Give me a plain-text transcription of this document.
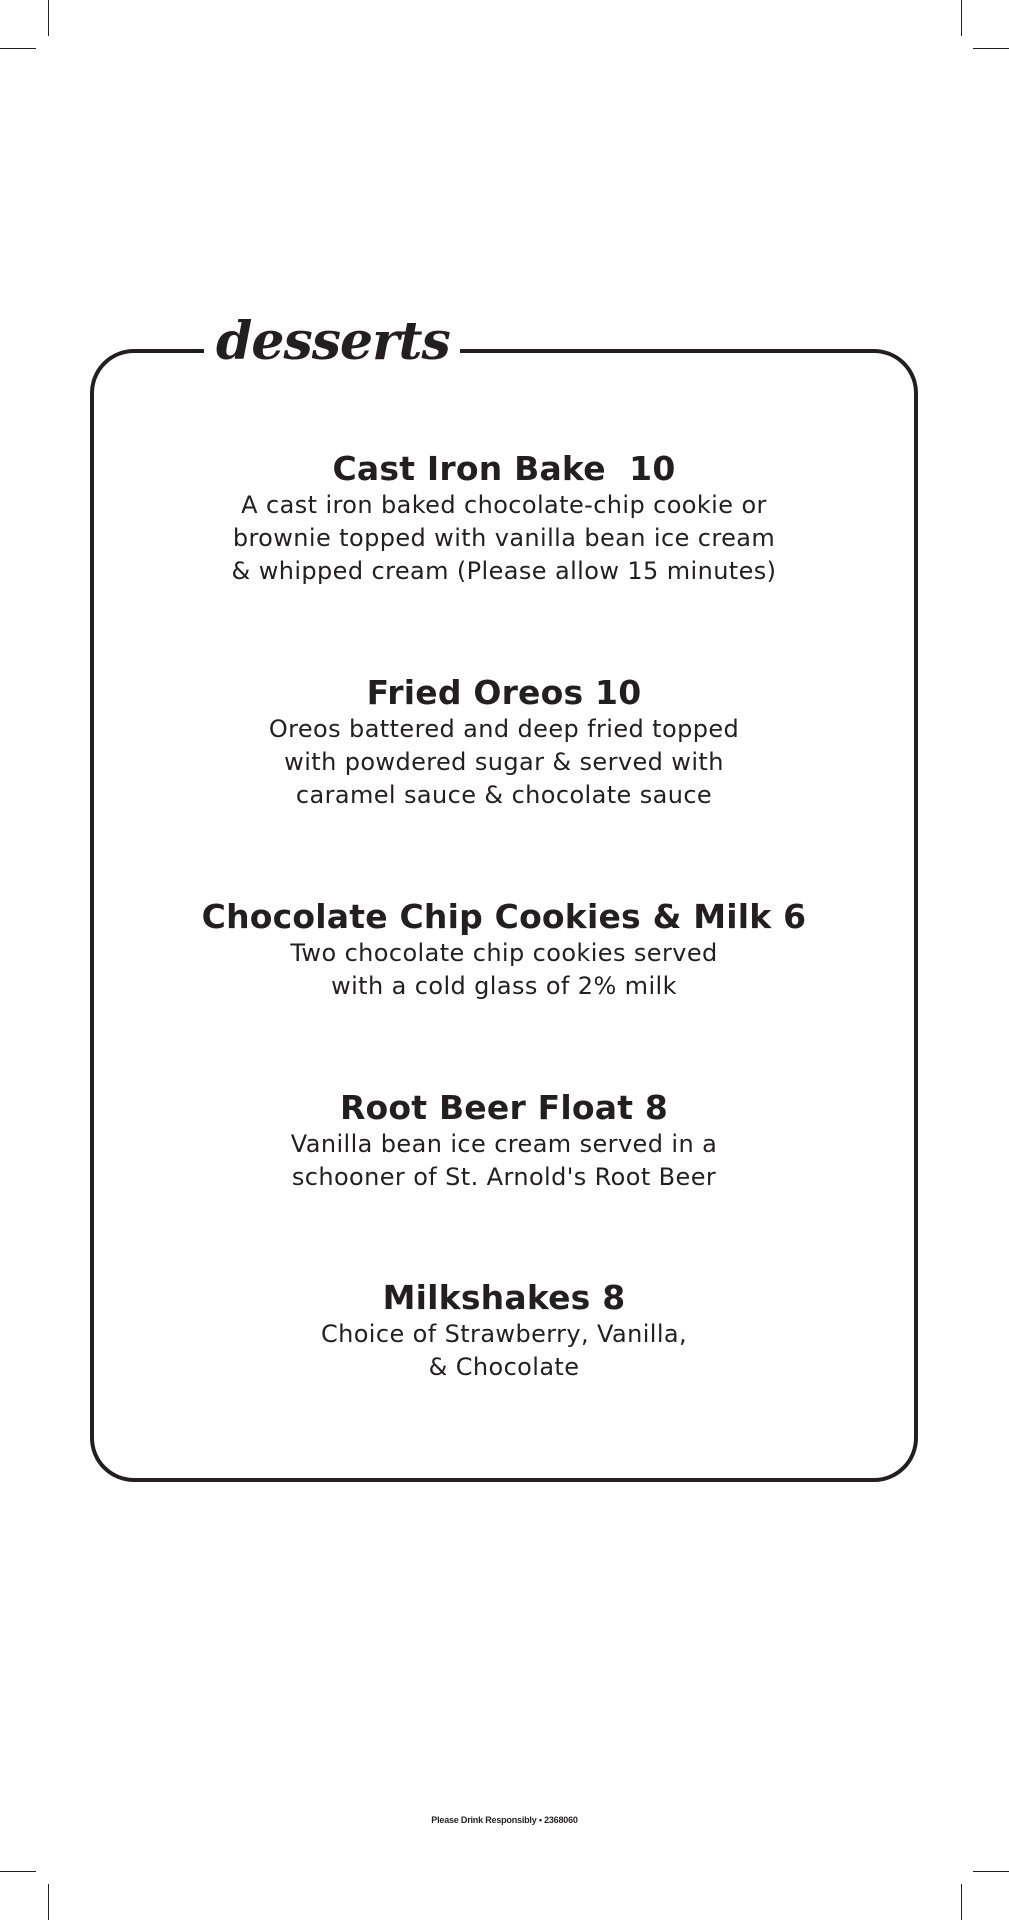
desserts
Cast Iron Bake  10
A cast iron baked chocolate-chip cookie or
brownie topped with vanilla bean ice cream
& whipped cream (Please allow 15 minutes)
Fried Oreos 10
Oreos battered and deep fried topped
with powdered sugar & served with
caramel sauce & chocolate sauce
Chocolate Chip Cookies & Milk 6
Two chocolate chip cookies served
with a cold glass of 2% milk
Root Beer Float 8
Vanilla bean ice cream served in a
schooner of St. Arnold's Root Beer
Milkshakes 8
Choice of Strawberry, Vanilla,
& Chocolate
Please Drink Responsibly • 2368060
